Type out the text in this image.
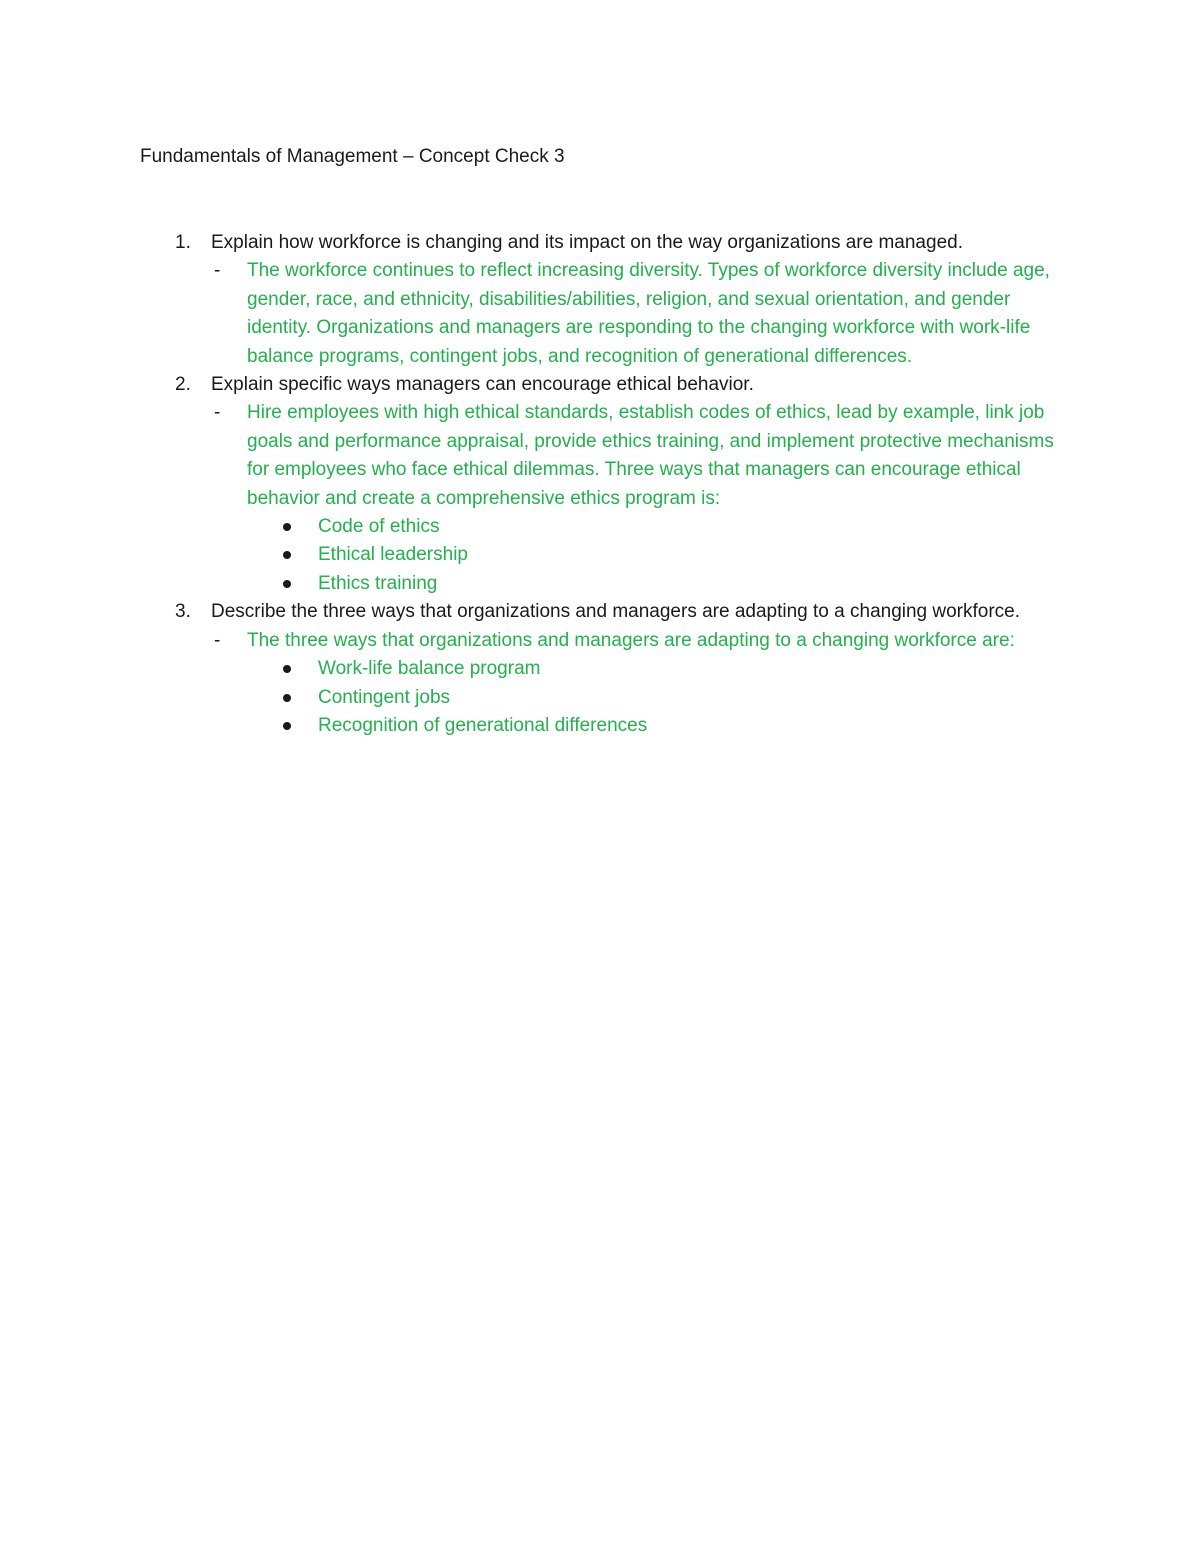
Fundamentals of Management – Concept Check 3
1. Explain how workforce is changing and its impact on the way organizations are managed.
- The workforce continues to reflect increasing diversity. Types of workforce diversity include age, gender, race, and ethnicity, disabilities/abilities, religion, and sexual orientation, and gender identity. Organizations and managers are responding to the changing workforce with work-life balance programs, contingent jobs, and recognition of generational differences.
2. Explain specific ways managers can encourage ethical behavior.
- Hire employees with high ethical standards, establish codes of ethics, lead by example, link job goals and performance appraisal, provide ethics training, and implement protective mechanisms for employees who face ethical dilemmas. Three ways that managers can encourage ethical behavior and create a comprehensive ethics program is:
Code of ethics
Ethical leadership
Ethics training
3. Describe the three ways that organizations and managers are adapting to a changing workforce.
- The three ways that organizations and managers are adapting to a changing workforce are:
Work-life balance program
Contingent jobs
Recognition of generational differences
